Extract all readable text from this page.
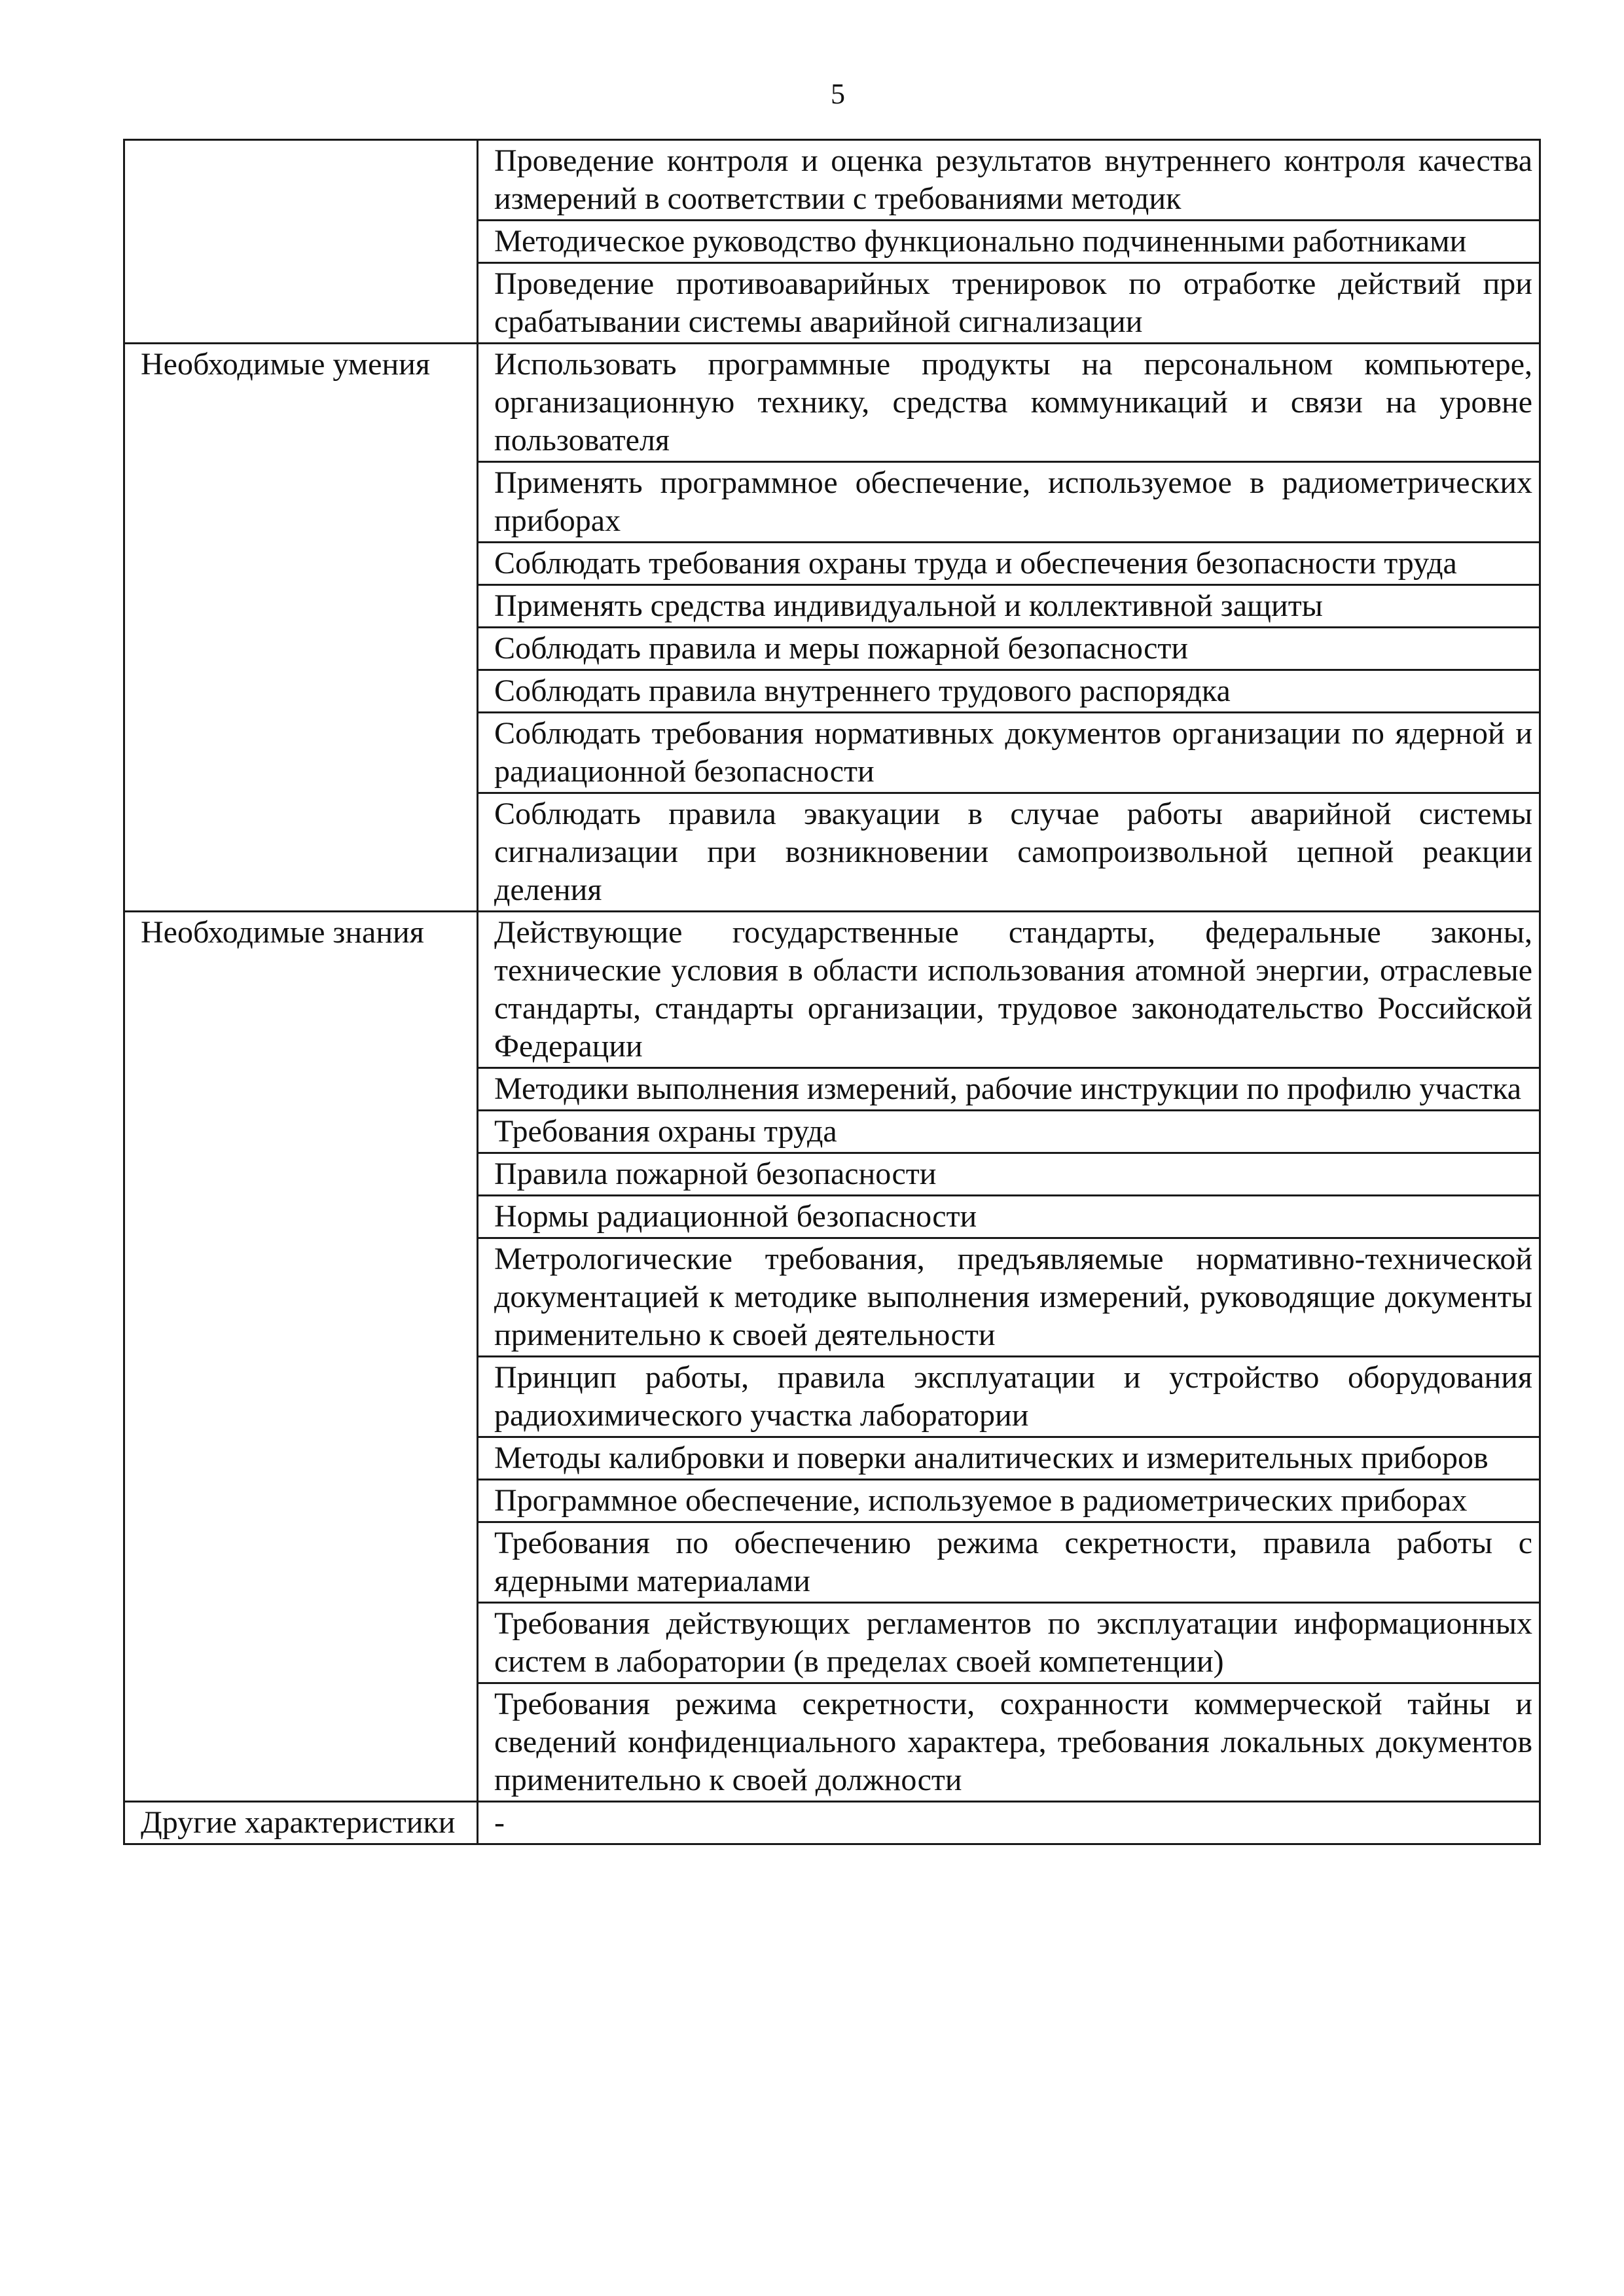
5
	Проведение контроля и оценка результатов внутреннего контроля качества измерений в соответствии с требованиями методик
	Методическое руководство функционально подчиненными работниками
	Проведение противоаварийных тренировок по отработке действий при срабатывании системы аварийной сигнализации
Необходимые умения	Использовать программные продукты на персональном компьютере, организационную технику, средства коммуникаций и связи на уровне пользователя
	Применять программное обеспечение, используемое в радиометрических приборах
	Соблюдать требования охраны труда и обеспечения безопасности труда
	Применять средства индивидуальной и коллективной защиты
	Соблюдать правила и меры пожарной безопасности
	Соблюдать правила внутреннего трудового распорядка
	Соблюдать требования нормативных документов организации по ядерной и радиационной безопасности
	Соблюдать правила эвакуации в случае работы аварийной системы сигнализации при возникновении самопроизвольной цепной реакции деления
Необходимые знания	Действующие государственные стандарты, федеральные законы, технические условия в области использования атомной энергии, отраслевые стандарты, стандарты организации, трудовое законодательство Российской Федерации
	Методики выполнения измерений, рабочие инструкции по профилю участка
	Требования охраны труда
	Правила пожарной безопасности
	Нормы радиационной безопасности
	Метрологические требования, предъявляемые нормативно-технической документацией к методике выполнения измерений, руководящие документы применительно к своей деятельности
	Принцип работы, правила эксплуатации и устройство оборудования радиохимического участка лаборатории
	Методы калибровки и поверки аналитических и измерительных приборов
	Программное обеспечение, используемое в радиометрических приборах
	Требования по обеспечению режима секретности, правила работы с ядерными материалами
	Требования действующих регламентов по эксплуатации информационных систем в лаборатории (в пределах своей компетенции)
	Требования режима секретности, сохранности коммерческой тайны и сведений конфиденциального характера, требования локальных документов применительно к своей должности
Другие характеристики	-
